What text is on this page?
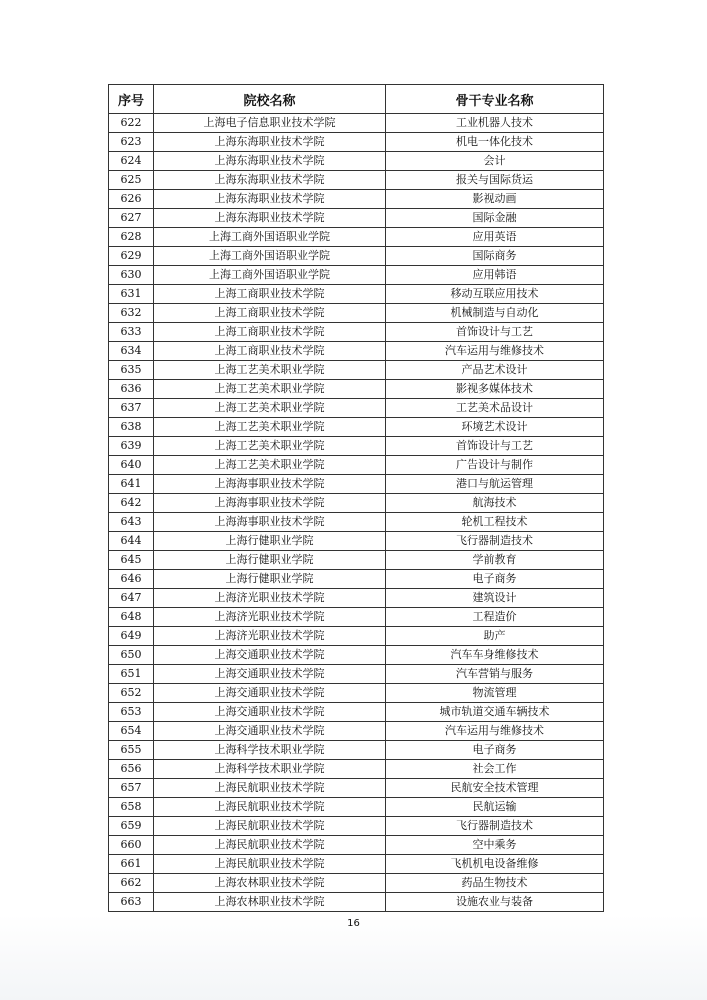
序号	院校名称	骨干专业名称
622	上海电子信息职业技术学院	工业机器人技术
623	上海东海职业技术学院	机电一体化技术
624	上海东海职业技术学院	会计
625	上海东海职业技术学院	报关与国际货运
626	上海东海职业技术学院	影视动画
627	上海东海职业技术学院	国际金融
628	上海工商外国语职业学院	应用英语
629	上海工商外国语职业学院	国际商务
630	上海工商外国语职业学院	应用韩语
631	上海工商职业技术学院	移动互联应用技术
632	上海工商职业技术学院	机械制造与自动化
633	上海工商职业技术学院	首饰设计与工艺
634	上海工商职业技术学院	汽车运用与维修技术
635	上海工艺美术职业学院	产品艺术设计
636	上海工艺美术职业学院	影视多媒体技术
637	上海工艺美术职业学院	工艺美术品设计
638	上海工艺美术职业学院	环境艺术设计
639	上海工艺美术职业学院	首饰设计与工艺
640	上海工艺美术职业学院	广告设计与制作
641	上海海事职业技术学院	港口与航运管理
642	上海海事职业技术学院	航海技术
643	上海海事职业技术学院	轮机工程技术
644	上海行健职业学院	飞行器制造技术
645	上海行健职业学院	学前教育
646	上海行健职业学院	电子商务
647	上海济光职业技术学院	建筑设计
648	上海济光职业技术学院	工程造价
649	上海济光职业技术学院	助产
650	上海交通职业技术学院	汽车车身维修技术
651	上海交通职业技术学院	汽车营销与服务
652	上海交通职业技术学院	物流管理
653	上海交通职业技术学院	城市轨道交通车辆技术
654	上海交通职业技术学院	汽车运用与维修技术
655	上海科学技术职业学院	电子商务
656	上海科学技术职业学院	社会工作
657	上海民航职业技术学院	民航安全技术管理
658	上海民航职业技术学院	民航运输
659	上海民航职业技术学院	飞行器制造技术
660	上海民航职业技术学院	空中乘务
661	上海民航职业技术学院	飞机机电设备维修
662	上海农林职业技术学院	药品生物技术
663	上海农林职业技术学院	设施农业与装备
16
